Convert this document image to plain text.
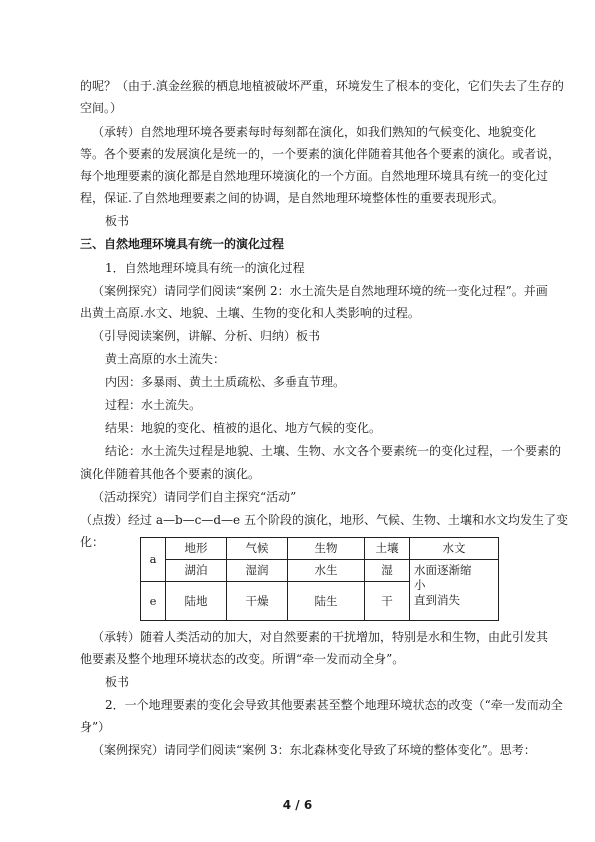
的呢？（由于.滇金丝猴的栖息地植被破坏严重，环境发生了根本的变化，它们失去了生存的
空间。）
（承转）自然地理环境各要素每时每刻都在演化，如我们熟知的气候变化、地貌变化
等。各个要素的发展演化是统一的，一个要素的演化伴随着其他各个要素的演化。或者说，
每个地理要素的演化都是自然地理环境演化的一个方面。自然地理环境具有统一的变化过
程，保证.了自然地理要素之间的协调，是自然地理环境整体性的重要表现形式。
板书
三、自然地理环境具有统一的演化过程
1．自然地理环境具有统一的演化过程
（案例探究）请同学们阅读“案例 2：水土流失是自然地理环境的统一变化过程”。并画
出黄土高原.水文、地貌、土壤、生物的变化和人类影响的过程。
（引导阅读案例，讲解、分析、归纳）板书
黄土高原的水土流失：
内因：多暴雨、黄土土质疏松、多垂直节理。
过程：水土流失。
结果：地貌的变化、植被的退化、地方气候的变化。
结论：水土流失过程是地貌、土壤、生物、水文各个要素统一的变化过程，一个要素的
演化伴随着其他各个要素的演化。
（活动探究）请同学们自主探究“活动”
（点拨）经过 a—b—c—d—e 五个阶段的演化，地形、气候、生物、土壤和水文均发生了变
a	地形	气候	生物	土壤	水文
	湖泊	湿润	水生	湿	水面逐渐缩
小
直到消失

e	陆地	干燥	陆生	干	
（承转）随着人类活动的加大，对自然要素的干扰增加，特别是水和生物，由此引发其
他要素及整个地理环境状态的改变。所谓“牵一发而动全身”。
板书
2．一个地理要素的变化会导致其他要素甚至整个地理环境状态的改变（“牵一发而动全
身”）
（案例探究）请同学们阅读“案例 3：东北森林变化导致了环境的整体变化”。思考：
4 / 6
化：
